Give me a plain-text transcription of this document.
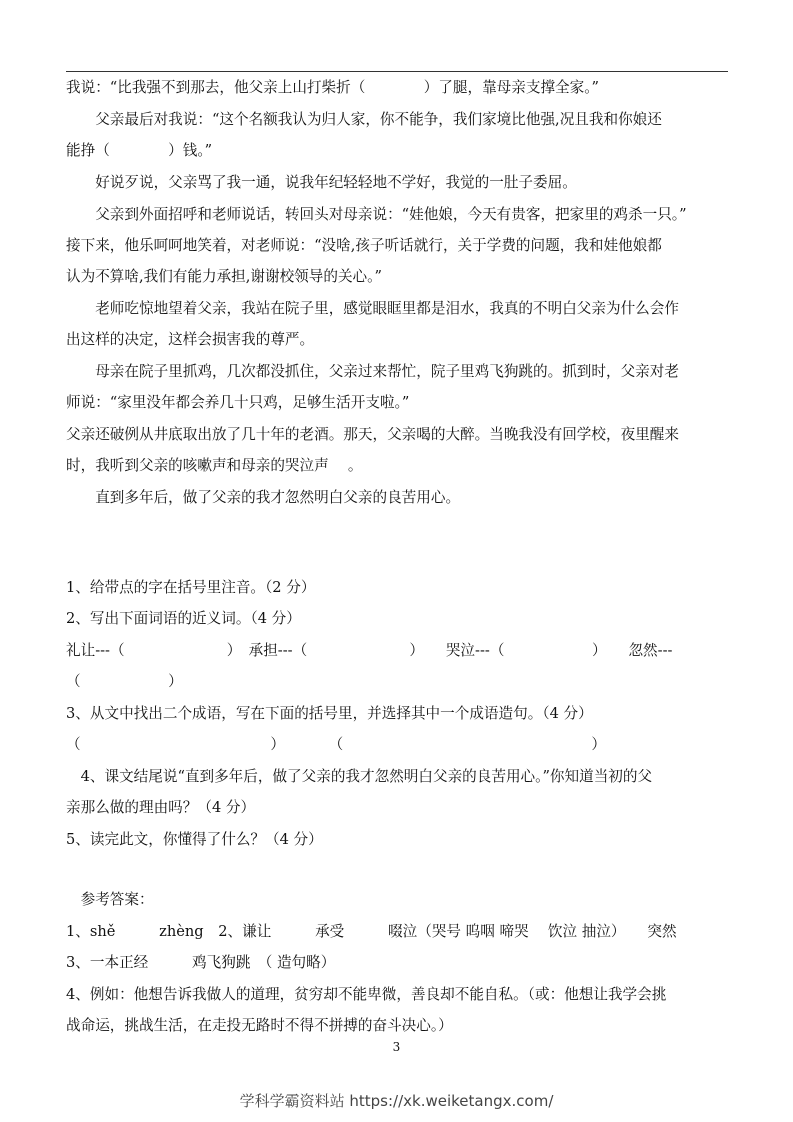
我说：“比我强不到那去，他父亲上山打柴折（　　　　）了腿，靠母亲支撑全家。”
　　父亲最后对我说：“这个名额我认为归人家，你不能争，我们家境比他强,况且我和你娘还
能挣（　　　　）钱。”
　　好说歹说，父亲骂了我一通，说我年纪轻轻地不学好，我觉的一肚子委屈。
　　父亲到外面招呼和老师说话，转回头对母亲说：“娃他娘，今天有贵客，把家里的鸡杀一只。”
接下来，他乐呵呵地笑着，对老师说：“没啥,孩子听话就行，关于学费的问题，我和娃他娘都
认为不算啥,我们有能力承担,谢谢校领导的关心。”
　　老师吃惊地望着父亲，我站在院子里，感觉眼眶里都是泪水，我真的不明白父亲为什么会作
出这样的决定，这样会损害我的尊严。
　　母亲在院子里抓鸡，几次都没抓住，父亲过来帮忙，院子里鸡飞狗跳的。抓到时，父亲对老
师说：“家里没年都会养几十只鸡，足够生活开支啦。”
父亲还破例从井底取出放了几十年的老酒。那天，父亲喝的大醉。当晚我没有回学校，夜里醒来
时，我听到父亲的咳嗽声和母亲的哭泣声　 。
　　直到多年后，做了父亲的我才忽然明白父亲的良苦用心。
1、给带点的字在括号里注音。（2 分）
2、写出下面词语的近义词。（4 分）
礼让---（　　　　　　　）　承担---（　　　　　　　）　　哭泣---（　　　　　　）　　忽然---
（　　　　　　）
3、从文中找出二个成语，写在下面的括号里，并选择其中一个成语造句。（4 分）
（　　　　　　　　　　　　　）　　　　（　　　　　　　　　　　　　　　　　）
　4、课文结尾说“直到多年后，做了父亲的我才忽然明白父亲的良苦用心。”你知道当初的父
亲那么做的理由吗？（4 分）
5、读完此文，你懂得了什么？（4 分）
　参考答案：
1、shě　　　zhèng　2、谦让　　　承受　　　啜泣（哭号 呜咽 啼哭　 饮泣 抽泣）　　突然
3、一本正经　　　鸡飞狗跳　（ 造句略）
4、例如：他想告诉我做人的道理，贫穷却不能卑微，善良却不能自私。（或：他想让我学会挑
战命运，挑战生活，在走投无路时不得不拼搏的奋斗决心。）
3
学科学霸资料站 https://xk.weiketangx.com/
